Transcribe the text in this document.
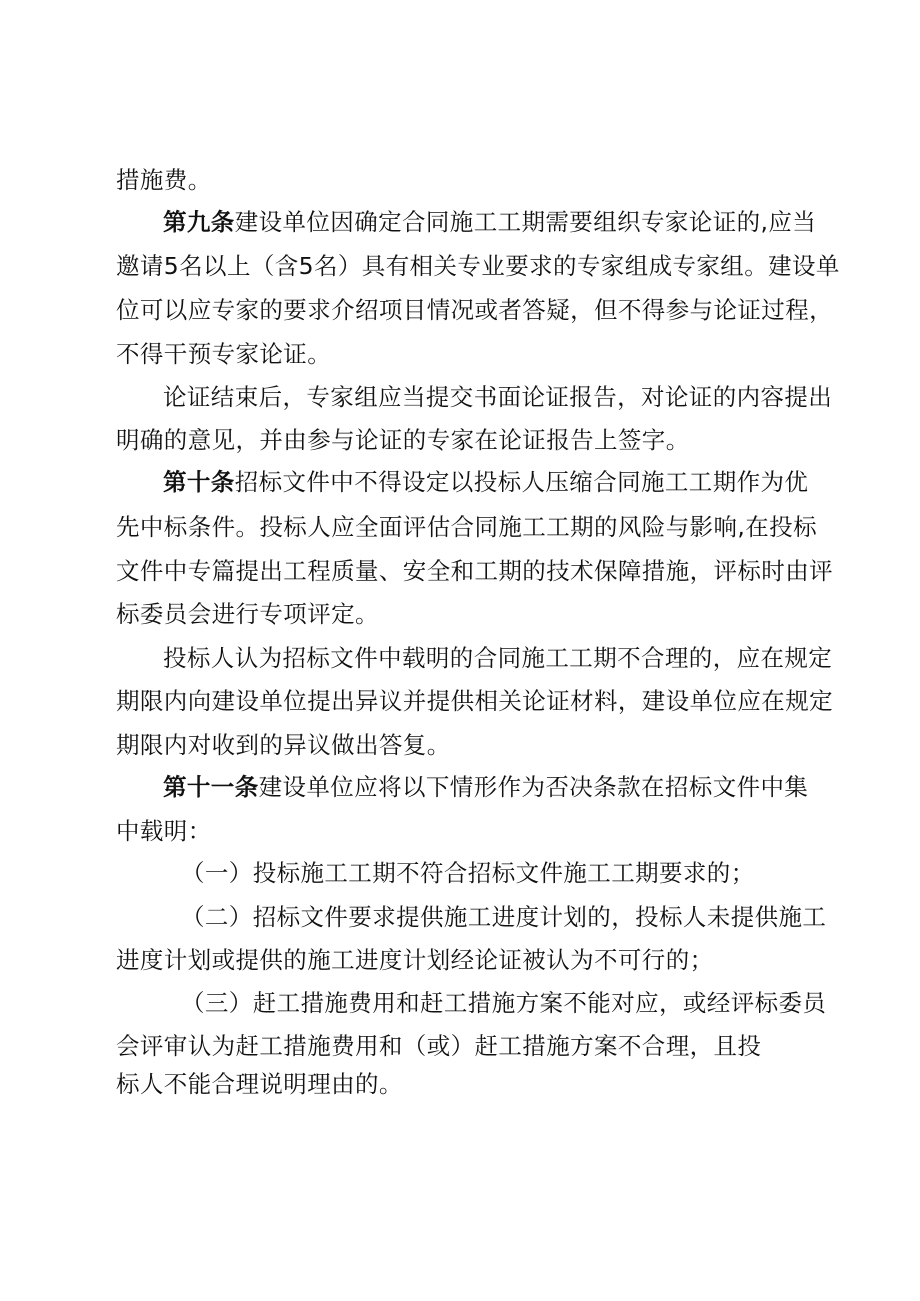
措施费。
第九条建设单位因确定合同施工工期需要组织专家论证的,应当
邀请5名以上（含5名）具有相关专业要求的专家组成专家组。建设单
位可以应专家的要求介绍项目情况或者答疑，但不得参与论证过程，
不得干预专家论证。
论证结束后，专家组应当提交书面论证报告，对论证的内容提出
明确的意见，并由参与论证的专家在论证报告上签字。
第十条招标文件中不得设定以投标人压缩合同施工工期作为优
先中标条件。投标人应全面评估合同施工工期的风险与影响,在投标
文件中专篇提出工程质量、安全和工期的技术保障措施，评标时由评
标委员会进行专项评定。
投标人认为招标文件中载明的合同施工工期不合理的，应在规定
期限内向建设单位提出异议并提供相关论证材料，建设单位应在规定
期限内对收到的异议做出答复。
第十一条建设单位应将以下情形作为否决条款在招标文件中集
中载明：
（一）投标施工工期不符合招标文件施工工期要求的；
（二）招标文件要求提供施工进度计划的，投标人未提供施工
进度计划或提供的施工进度计划经论证被认为不可行的；
（三）赶工措施费用和赶工措施方案不能对应，或经评标委员
会评审认为赶工措施费用和（或）赶工措施方案不合理，且投
标人不能合理说明理由的。
